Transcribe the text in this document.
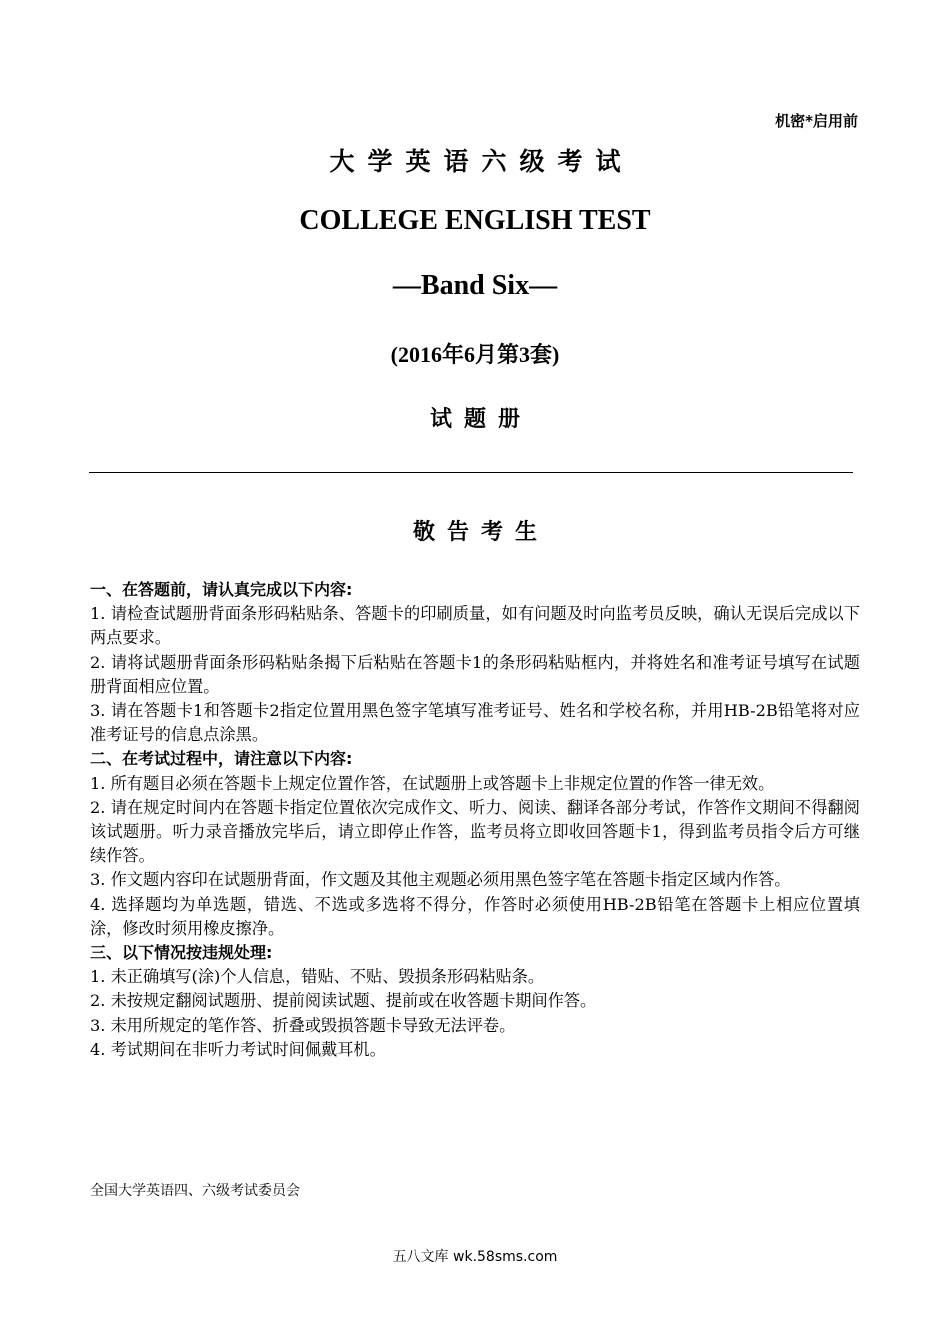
机密*启用前
大学英语六级考试
COLLEGE ENGLISH TEST
—Band Six—
(2016年6月第3套)
试题册
敬告考生
一、在答题前，请认真完成以下内容:
1. 请检查试题册背面条形码粘贴条、答题卡的印刷质量，如有问题及时向监考员反映，确认无误后完成以下两点要求。
2. 请将试题册背面条形码粘贴条揭下后粘贴在答题卡1的条形码粘贴框内，并将姓名和准考证号填写在试题册背面相应位置。
3. 请在答题卡1和答题卡2指定位置用黑色签字笔填写准考证号、姓名和学校名称，并用HB-2B铅笔将对应准考证号的信息点涂黑。
二、在考试过程中，请注意以下内容:
1. 所有题目必须在答题卡上规定位置作答，在试题册上或答题卡上非规定位置的作答一律无效。
2. 请在规定时间内在答题卡指定位置依次完成作文、听力、阅读、翻译各部分考试，作答作文期间不得翻阅该试题册。听力录音播放完毕后，请立即停止作答，监考员将立即收回答题卡1，得到监考员指令后方可继续作答。
3. 作文题内容印在试题册背面，作文题及其他主观题必须用黑色签字笔在答题卡指定区域内作答。
4. 选择题均为单选题，错选、不选或多选将不得分，作答时必须使用HB-2B铅笔在答题卡上相应位置填涂，修改时须用橡皮擦净。
三、以下情况按违规处理:
1. 未正确填写(涂)个人信息，错贴、不贴、毁损条形码粘贴条。
2. 未按规定翻阅试题册、提前阅读试题、提前或在收答题卡期间作答。
3. 未用所规定的笔作答、折叠或毁损答题卡导致无法评卷。
4. 考试期间在非听力考试时间佩戴耳机。
全国大学英语四、六级考试委员会
五八文库 wk.58sms.com
